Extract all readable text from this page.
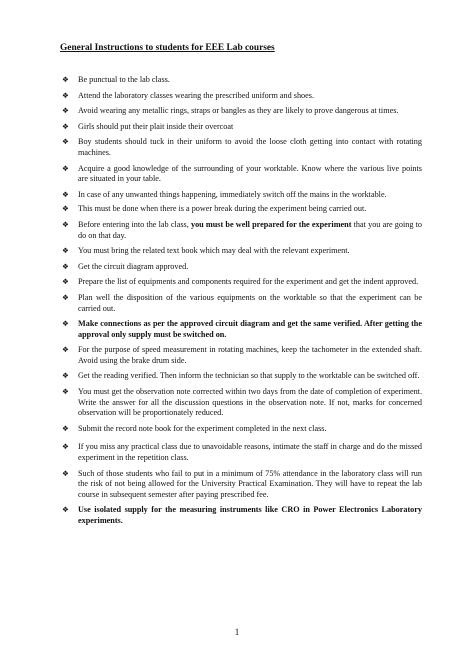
General Instructions to students for EEE Lab courses
❖ Be punctual to the lab class.
❖ Attend the laboratory classes wearing the prescribed uniform and shoes.
❖ Avoid wearing any metallic rings, straps or bangles as they are likely to prove dangerous at times.
❖ Girls should put their plait inside their overcoat
❖ Boy students should tuck in their uniform to avoid the loose cloth getting into contact with rotating machines.
❖ Acquire a good knowledge of the surrounding of your worktable. Know where the various live points are situated in your table.
❖ In case of any unwanted things happening, immediately switch off the mains in the worktable.
❖ This must be done when there is a power break during the experiment being carried out.
❖ Before entering into the lab class, you must be well prepared for the experiment that you are going to do on that day.
❖ You must bring the related text book which may deal with the relevant experiment.
❖ Get the circuit diagram approved.
❖ Prepare the list of equipments and components required for the experiment and get the indent approved.
❖ Plan well the disposition of the various equipments on the worktable so that the experiment can be carried out.
❖ Make connections as per the approved circuit diagram and get the same verified. After getting the approval only supply must be switched on.
❖ For the purpose of speed measurement in rotating machines, keep the tachometer in the extended shaft. Avoid using the brake drum side.
❖ Get the reading verified. Then inform the technician so that supply to the worktable can be switched off.
❖ You must get the observation note corrected within two days from the date of completion of experiment. Write the answer for all the discussion questions in the observation note. If not, marks for concerned observation will be proportionately reduced.
❖ Submit the record note book for the experiment completed in the next class.
❖ If you miss any practical class due to unavoidable reasons, intimate the staff in charge and do the missed experiment in the repetition class.
❖ Such of those students who fail to put in a minimum of 75% attendance in the laboratory class will run the risk of not being allowed for the University Practical Examination. They will have to repeat the lab course in subsequent semester after paying prescribed fee.
❖ Use isolated supply for the measuring instruments like CRO in Power Electronics Laboratory experiments.
1
